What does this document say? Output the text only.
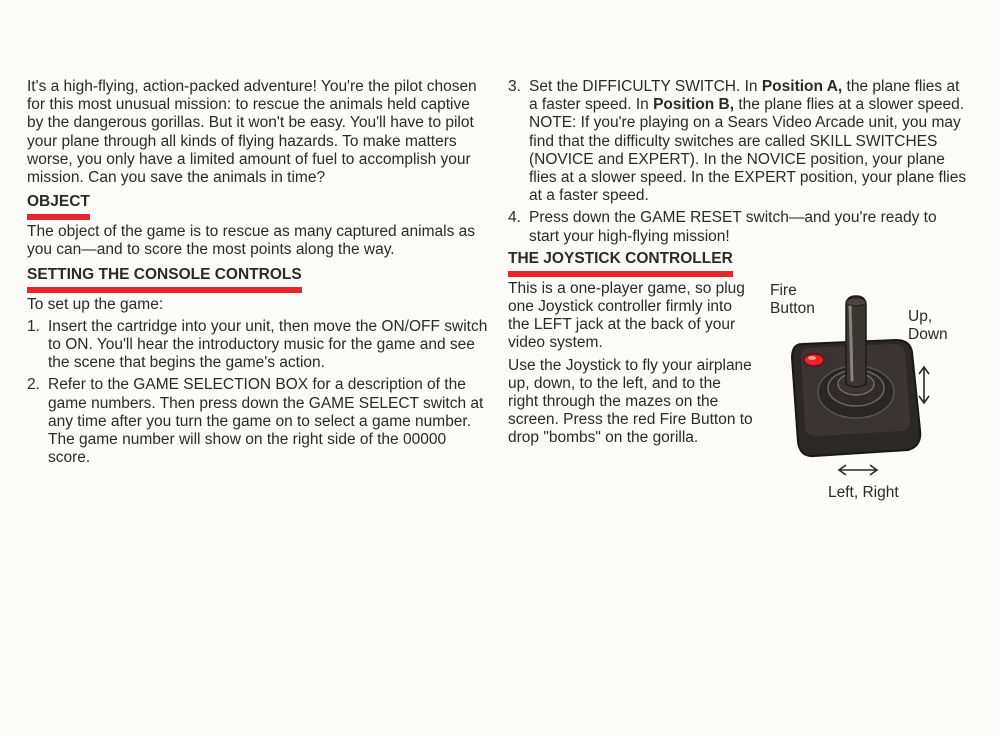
It's a high-flying, action-packed adventure! You're the pilot chosen for this most unusual mission: to rescue the animals held captive by the dangerous gorillas. But it won't be easy. You'll have to pilot your plane through all kinds of flying hazards. To make matters worse, you only have a limited amount of fuel to accomplish your mission. Can you save the animals in time?

OBJECT

The object of the game is to rescue as many captured animals as you can—and to score the most points along the way.

SETTING THE CONSOLE CONTROLS

To set up the game:

1. Insert the cartridge into your unit, then move the ON/OFF switch to ON. You'll hear the introductory music for the game and see the scene that begins the game's action.
2. Refer to the GAME SELECTION BOX for a description of the game numbers. Then press down the GAME SELECT switch at any time after you turn the game on to select a game number. The game number will show on the right side of the 00000 score.
3. Set the DIFFICULTY SWITCH. In Position A, the plane flies at a faster speed. In Position B, the plane flies at a slower speed. NOTE: If you're playing on a Sears Video Arcade unit, you may find that the difficulty switches are called SKILL SWITCHES (NOVICE and EXPERT). In the NOVICE position, your plane flies at a slower speed. In the EXPERT position, your plane flies at a faster speed.
4. Press down the GAME RESET switch—and you're ready to start your high-flying mission!
THE JOYSTICK CONTROLLER

This is a one-player game, so plug one Joystick controller firmly into the LEFT jack at the back of your video system.

Use the Joystick to fly your airplane up, down, to the left, and to the right through the mazes on the screen. Press the red Fire Button to drop "bombs" on the gorilla.

Fire
Button	Up,
Down
Left, Right
